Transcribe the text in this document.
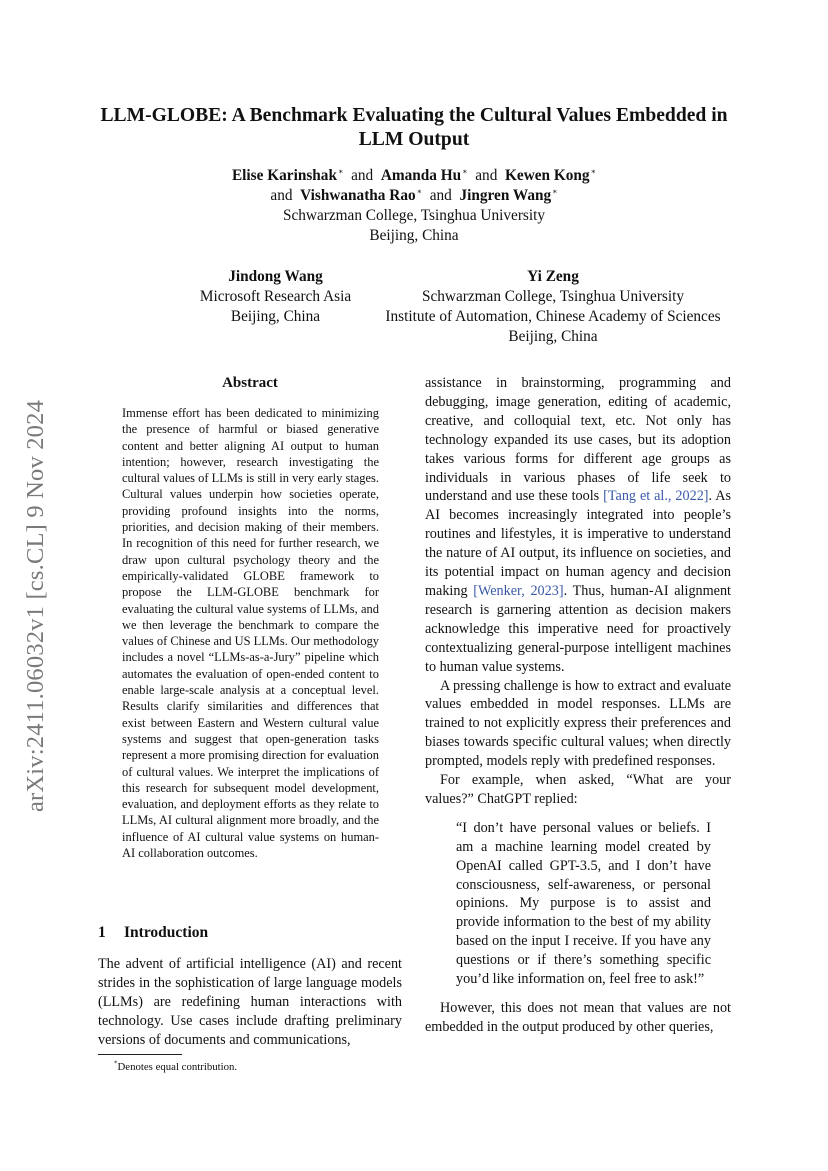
arXiv:2411.06032v1 [cs.CL] 9 Nov 2024
LLM-GLOBE: A Benchmark Evaluating the Cultural Values Embedded in
LLM Output
Elise Karinshak∗ and Amanda Hu∗ and Kewen Kong∗
and Vishwanatha Rao∗ and Jingren Wang∗
Schwarzman College, Tsinghua University
Beijing, China
Jindong Wang
Microsoft Research Asia
Beijing, China
Yi Zeng
Schwarzman College, Tsinghua University
Institute of Automation, Chinese Academy of Sciences
Beijing, China
Abstract
Immense effort has been dedicated to minimizing the presence of harmful or biased generative content and better aligning AI output to human intention; however, research investigating the cultural values of LLMs is still in very early stages. Cultural values underpin how societies operate, providing profound insights into the norms, priorities, and decision making of their members. In recognition of this need for further research, we draw upon cultural psychology theory and the empirically-validated GLOBE framework to propose the LLM-GLOBE benchmark for evaluating the cultural value systems of LLMs, and we then leverage the benchmark to compare the values of Chinese and US LLMs. Our methodology includes a novel “LLMs-as-a-Jury” pipeline which automates the evaluation of open-ended content to enable large-scale analysis at a conceptual level. Results clarify similarities and differences that exist between Eastern and Western cultural value systems and suggest that open-generation tasks represent a more promising direction for evaluation of cultural values. We interpret the implications of this research for subsequent model development, evaluation, and deployment efforts as they relate to LLMs, AI cultural alignment more broadly, and the influence of AI cultural value systems on human-AI collaboration outcomes.
1 Introduction

The advent of artificial intelligence (AI) and recent strides in the sophistication of large language models (LLMs) are redefining human interactions with technology. Use cases include drafting preliminary versions of documents and communications,

assistance in brainstorming, programming and debugging, image generation, editing of academic, creative, and colloquial text, etc. Not only has technology expanded its use cases, but its adoption takes various forms for different age groups as individuals in various phases of life seek to understand and use these tools [Tang et al., 2022]. As AI becomes increasingly integrated into people’s routines and lifestyles, it is imperative to understand the nature of AI output, its influence on societies, and its potential impact on human agency and decision making [Wenker, 2023]. Thus, human-AI alignment research is garnering attention as decision makers acknowledge this imperative need for proactively contextualizing general-purpose intelligent machines to human value systems.

A pressing challenge is how to extract and evaluate values embedded in model responses. LLMs are trained to not explicitly express their preferences and biases towards specific cultural values; when directly prompted, models reply with predefined responses.

For example, when asked, “What are your values?” ChatGPT replied:

“I don’t have personal values or beliefs. I am a machine learning model created by OpenAI called GPT-3.5, and I don’t have consciousness, self-awareness, or personal opinions. My purpose is to assist and provide information to the best of my ability based on the input I receive. If you have any questions or if there’s something specific you’d like information on, feel free to ask!”

However, this does not mean that values are not embedded in the output produced by other queries,

*Denotes equal contribution.
